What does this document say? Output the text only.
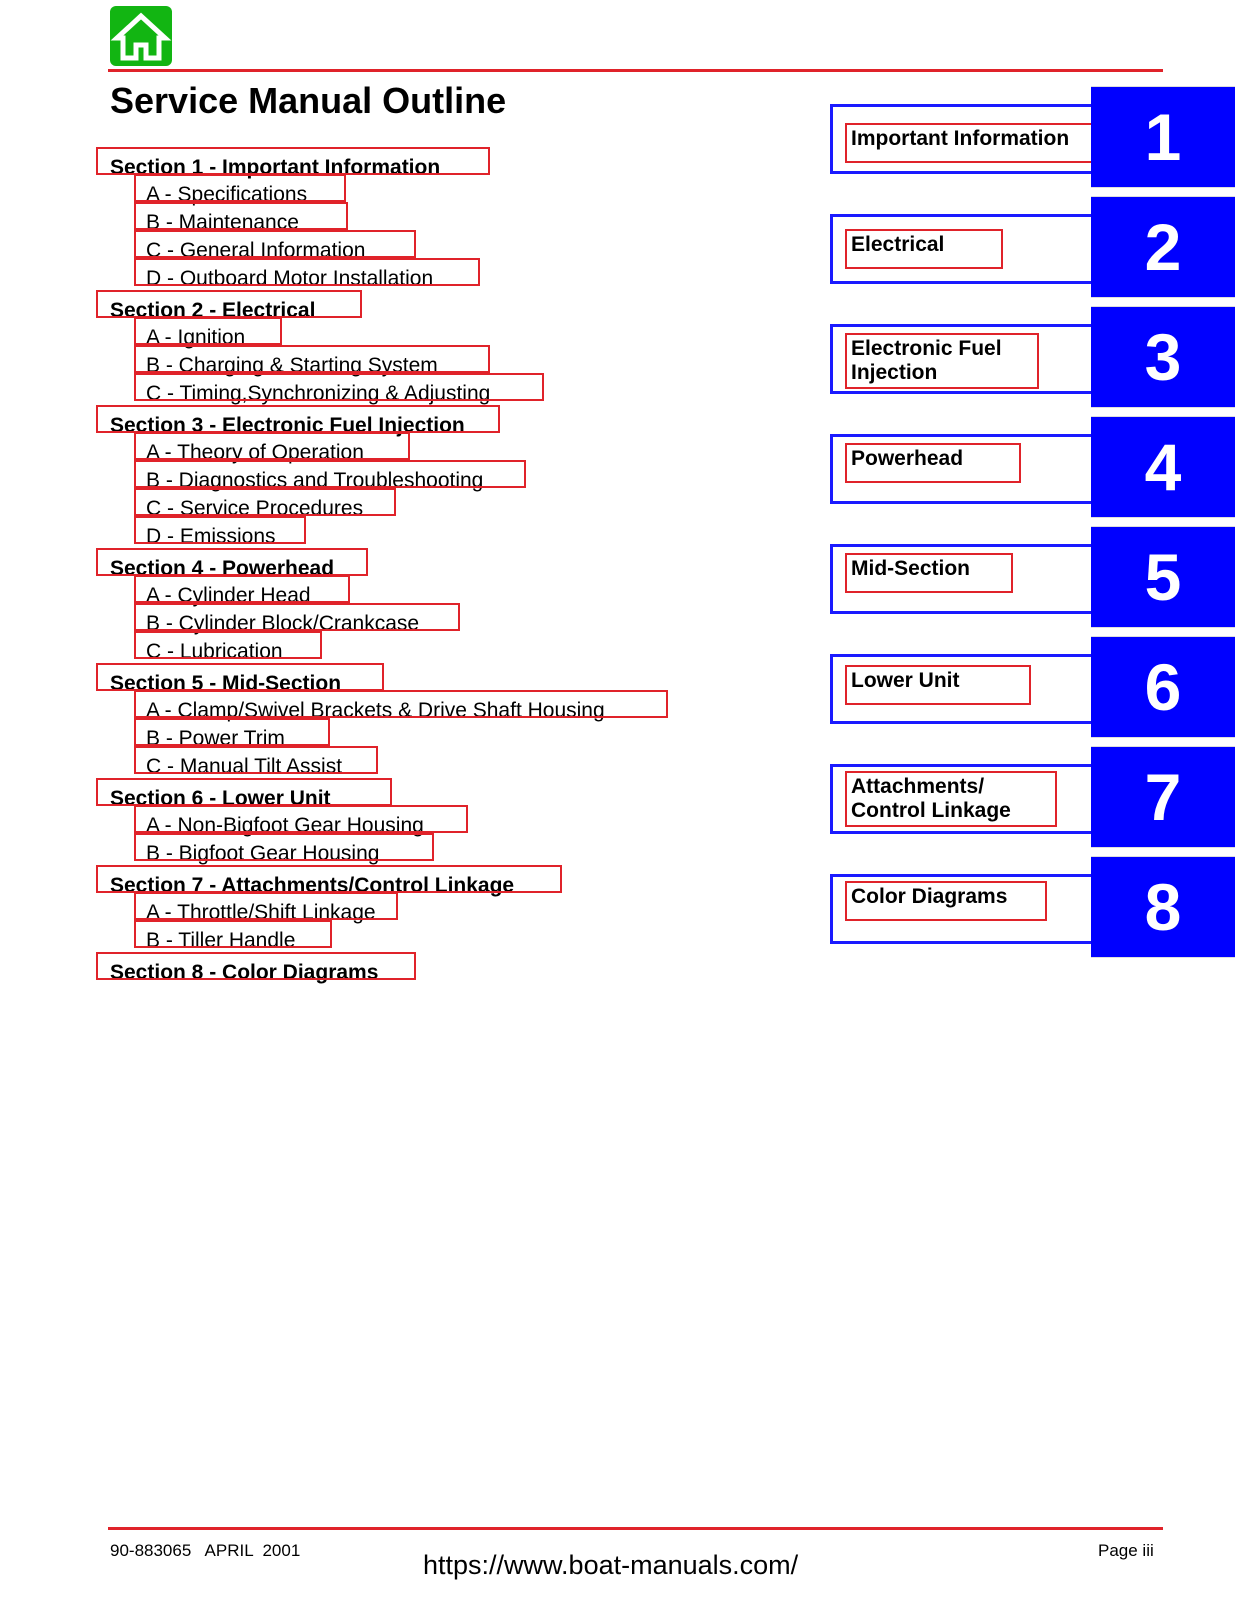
Service Manual Outline
Section 1 - Important Information
A - Specifications
B - Maintenance
C - General Information
D - Outboard Motor Installation
Section 2 - Electrical
A - Ignition
B - Charging & Starting System
C - Timing,Synchronizing & Adjusting
Section 3 - Electronic Fuel Injection
A - Theory of Operation
B - Diagnostics and Troubleshooting
C - Service Procedures
D - Emissions
Section 4 - Powerhead
A - Cylinder Head
B - Cylinder Block/Crankcase
C - Lubrication
Section 5 - Mid-Section
A - Clamp/Swivel Brackets & Drive Shaft Housing
B - Power Trim
C - Manual Tilt Assist
Section 6 - Lower Unit
A - Non-Bigfoot Gear Housing
B - Bigfoot Gear Housing
Section 7 - Attachments/Control Linkage
A - Throttle/Shift Linkage
B - Tiller Handle
Section 8 - Color Diagrams
Important Information	1
Electrical	2
Electronic Fuel
Injection	3
Powerhead	4
Mid-Section	5
Lower Unit	6
Attachments/
Control Linkage	7
Color Diagrams	8
90-883065   APRIL  2001	https://www.boat-manuals.com/	Page iii
